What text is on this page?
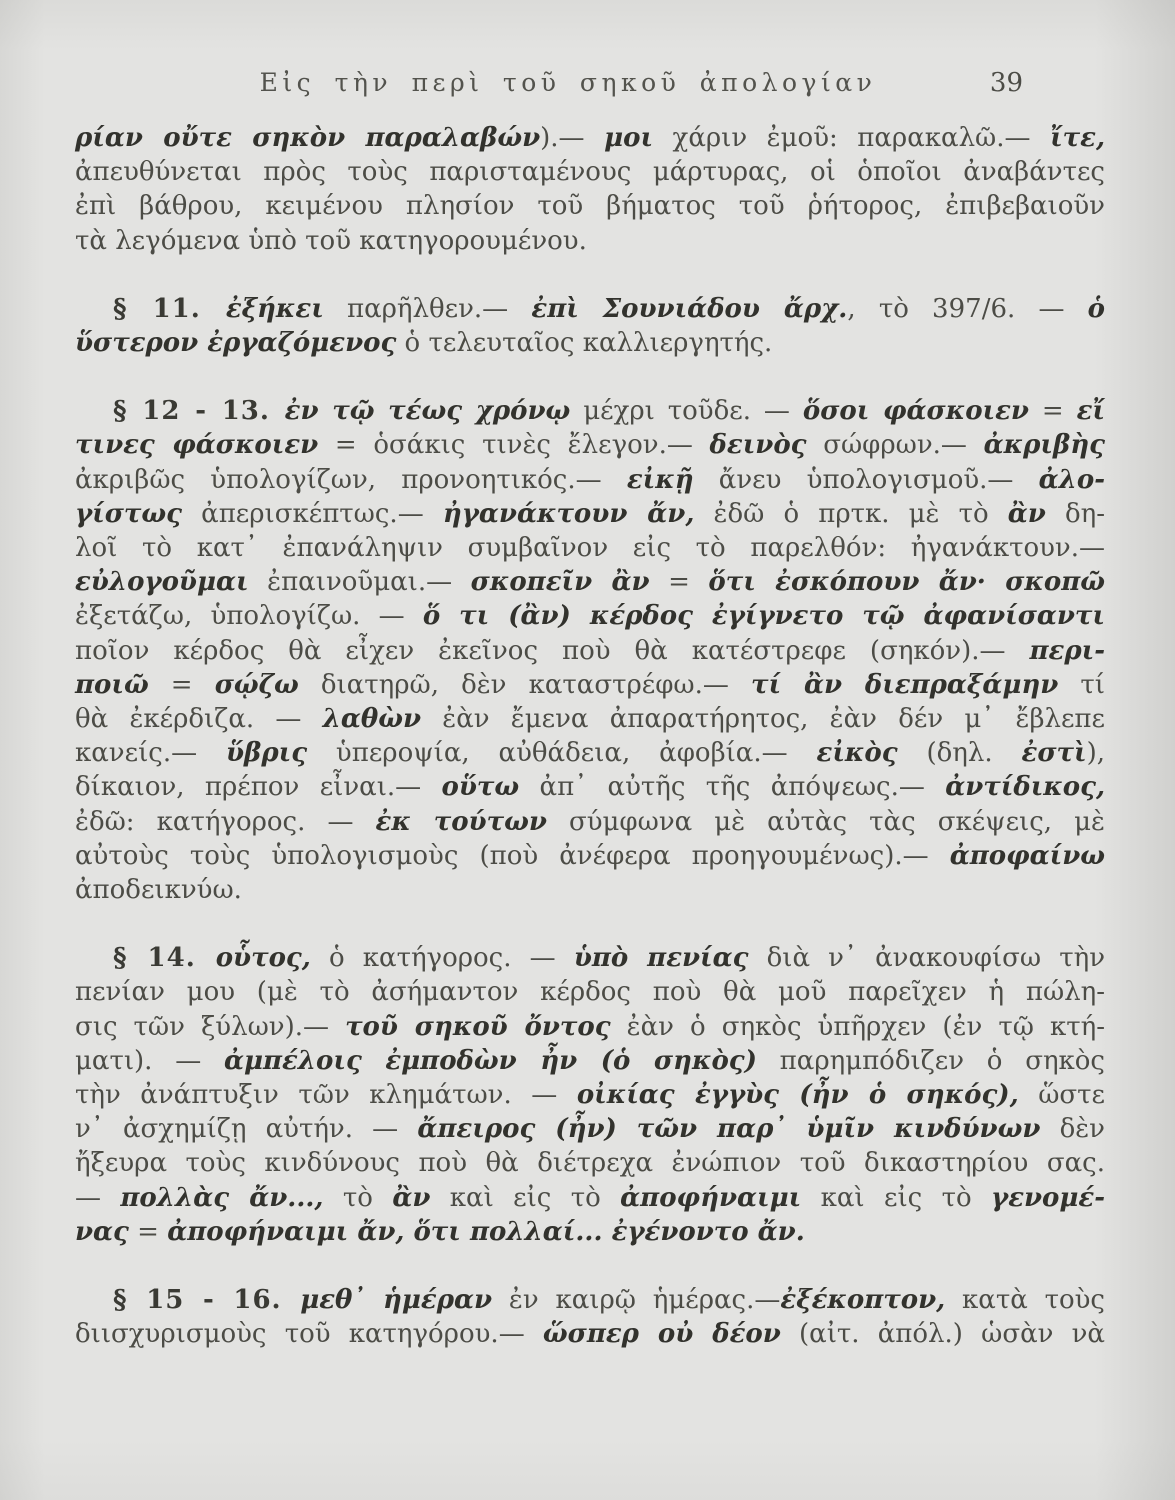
Εἰς τὴν περὶ τοῦ σηκοῦ ἀπολογίαν	39
ρίαν οὔτε σηκὸν παραλαβών).— μοι χάριν ἐμοῦ: παρακαλῶ.— ἴτε,
ἀπευθύνεται πρὸς τοὺς παρισταμένους μάρτυρας, οἱ ὁποῖοι ἀναβάντες
ἐπὶ βάθρου, κειμένου πλησίον τοῦ βήματος τοῦ ῥήτορος, ἐπιβεβαιοῦν
τὰ λεγόμενα ὑπὸ τοῦ κατηγορουμένου.
§ 11. ἐξήκει παρῆλθεν.— ἐπὶ Σουνιάδου ἄρχ., τὸ 397/6. — ὁ
ὕστερον ἐργαζόμενος ὁ τελευταῖος καλλιεργητής.
§ 12 - 13. ἐν τῷ τέως χρόνῳ μέχρι τοῦδε. — ὅσοι φάσκοιεν = εἴ
τινες φάσκοιεν = ὁσάκις τινὲς ἔλεγον.— δεινὸς σώφρων.— ἀκριβὴς
ἀκριβῶς ὑπολογίζων, προνοητικός.— εἰκῇ ἄνευ ὑπολογισμοῦ.— ἀλο-
γίστως ἀπερισκέπτως.— ἠγανάκτουν ἄν, ἐδῶ ὁ πρτκ. μὲ τὸ ἂν δη-
λοῖ τὸ κατ᾽ ἐπανάληψιν συμβαῖνον εἰς τὸ παρελθόν: ἠγανάκτουν.—
εὐλογοῦμαι ἐπαινοῦμαι.— σκοπεῖν ἂν = ὅτι ἐσκόπουν ἄν· σκοπῶ
ἐξετάζω, ὑπολογίζω. — ὅ τι (ἂν) κέρδος ἐγίγνετο τῷ ἀφανίσαντι
ποῖον κέρδος θὰ εἶχεν ἐκεῖνος ποὺ θὰ κατέστρεφε (σηκόν).— περι-
ποιῶ = σῴζω διατηρῶ, δὲν καταστρέφω.— τί ἂν διεπραξάμην τί
θὰ ἐκέρδιζα. — λαθὼν ἐὰν ἔμενα ἀπαρατήρητος, ἐὰν δέν μ᾽ ἔβλεπε
κανείς.— ὕβρις ὑπεροψία, αὐθάδεια, ἀφοβία.— εἰκὸς (δηλ. ἐστὶ),
δίκαιον, πρέπον εἶναι.— οὕτω ἀπ᾽ αὐτῆς τῆς ἀπόψεως.— ἀντίδικος,
ἐδῶ: κατήγορος. — ἐκ τούτων σύμφωνα μὲ αὐτὰς τὰς σκέψεις, μὲ
αὐτοὺς τοὺς ὑπολογισμοὺς (ποὺ ἀνέφερα προηγουμένως).— ἀποφαίνω
ἀποδεικνύω.
§ 14. οὗτος, ὁ κατήγορος. — ὑπὸ πενίας διὰ ν᾽ ἀνακουφίσω τὴν
πενίαν μου (μὲ τὸ ἀσήμαντον κέρδος ποὺ θὰ μοῦ παρεῖχεν ἡ πώλη-
σις τῶν ξύλων).— τοῦ σηκοῦ ὄντος ἐὰν ὁ σηκὸς ὑπῆρχεν (ἐν τῷ κτή-
ματι). — ἀμπέλοις ἐμποδὼν ἦν (ὁ σηκὸς) παρημπόδιζεν ὁ σηκὸς
τὴν ἀνάπτυξιν τῶν κλημάτων. — οἰκίας ἐγγὺς (ἦν ὁ σηκός), ὥστε
ν᾽ ἀσχημίζῃ αὐτήν. — ἄπειρος (ἦν) τῶν παρ᾽ ὑμῖν κινδύνων δὲν
ἤξευρα τοὺς κινδύνους ποὺ θὰ διέτρεχα ἐνώπιον τοῦ δικαστηρίου σας.
— πολλὰς ἄν..., τὸ ἂν καὶ εἰς τὸ ἀποφήναιμι καὶ εἰς τὸ γενομέ-
νας = ἀποφήναιμι ἄν, ὅτι πολλαί... ἐγένοντο ἄν.
§ 15 - 16. μεθ᾽ ἡμέραν ἐν καιρῷ ἡμέρας.—ἐξέκοπτον, κατὰ τοὺς
διισχυρισμοὺς τοῦ κατηγόρου.— ὥσπερ οὐ δέον (αἰτ. ἀπόλ.) ὡσὰν νὰ
